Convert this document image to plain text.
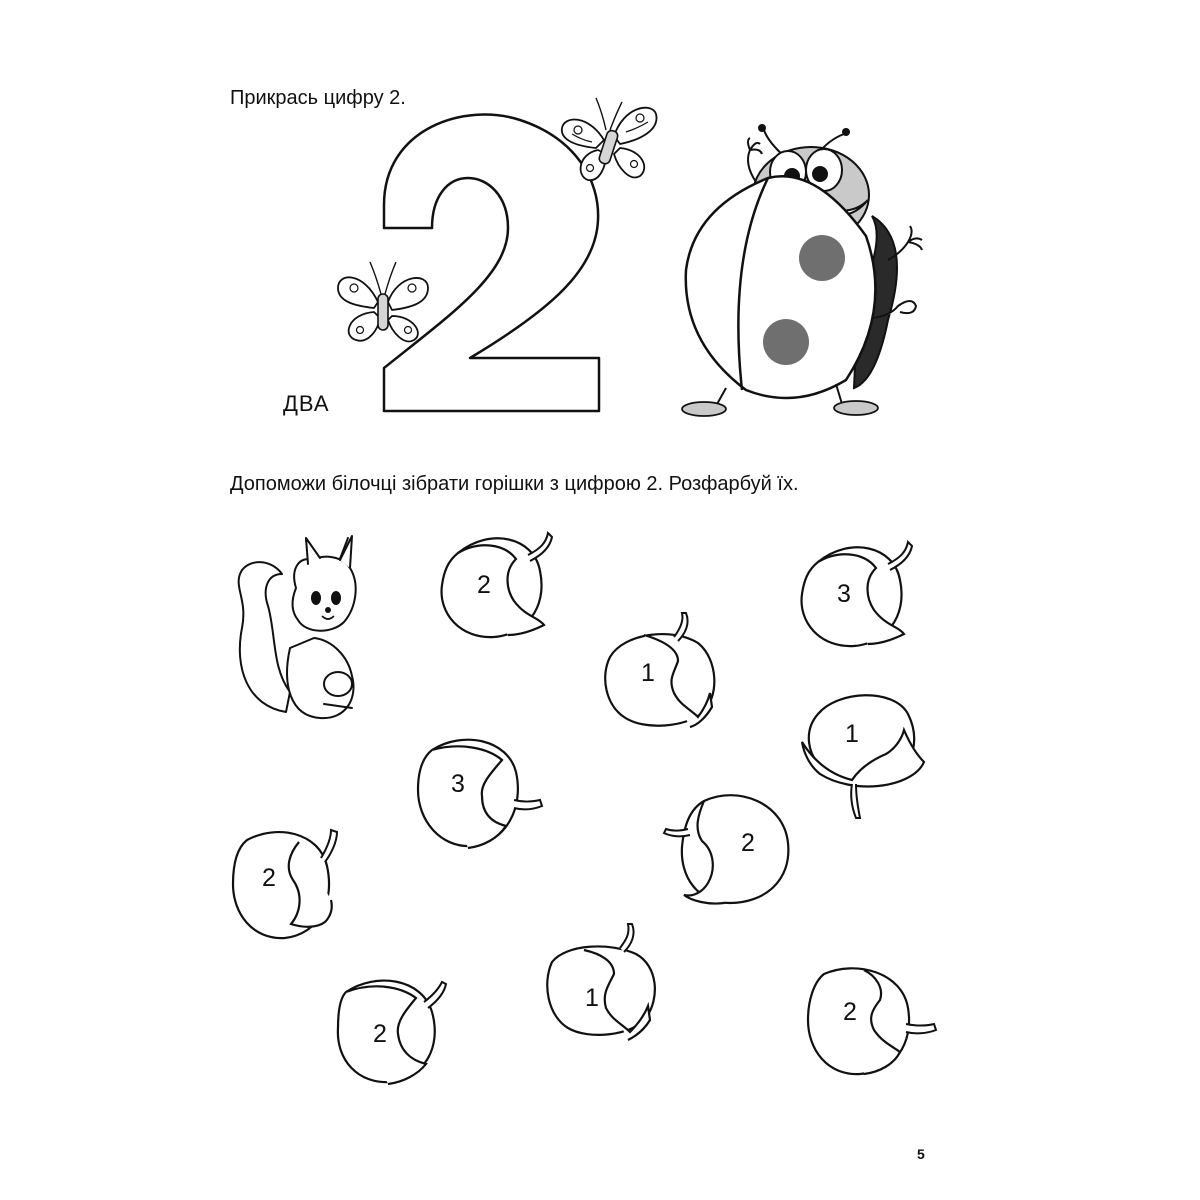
Прикрась цифру 2.
ДВА
Допоможи білочці зібрати горішки з цифрою 2. Розфарбуй їх.
2	3
1
1
3
2
2
1
2
2
5
